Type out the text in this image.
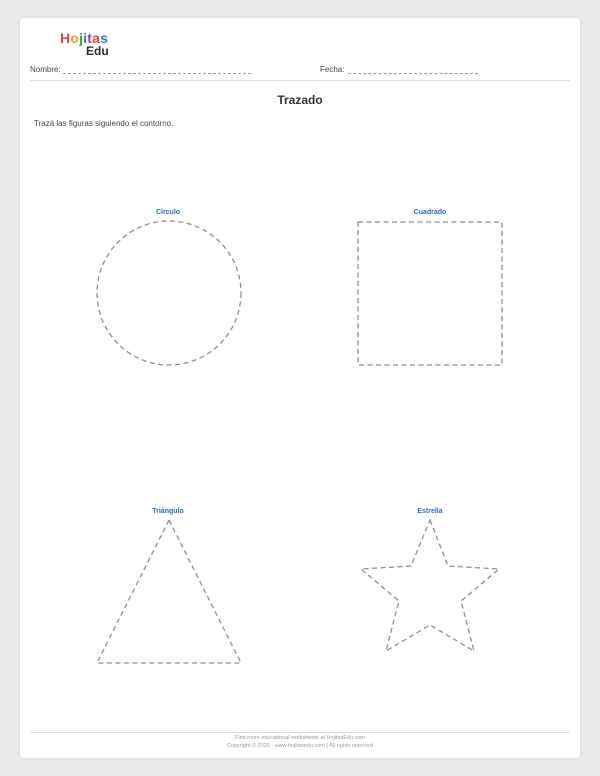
Hojitas
Edu
Nombre:	Fecha:
Trazado
Trazá las figuras siguiendo el contorno.
Círculo	Cuadrado
Triángulo	Estrella
Find more educational worksheets at HojitasEdu.com
Copyright © 2026 · www.hojitasedu.com | All rights reserved
